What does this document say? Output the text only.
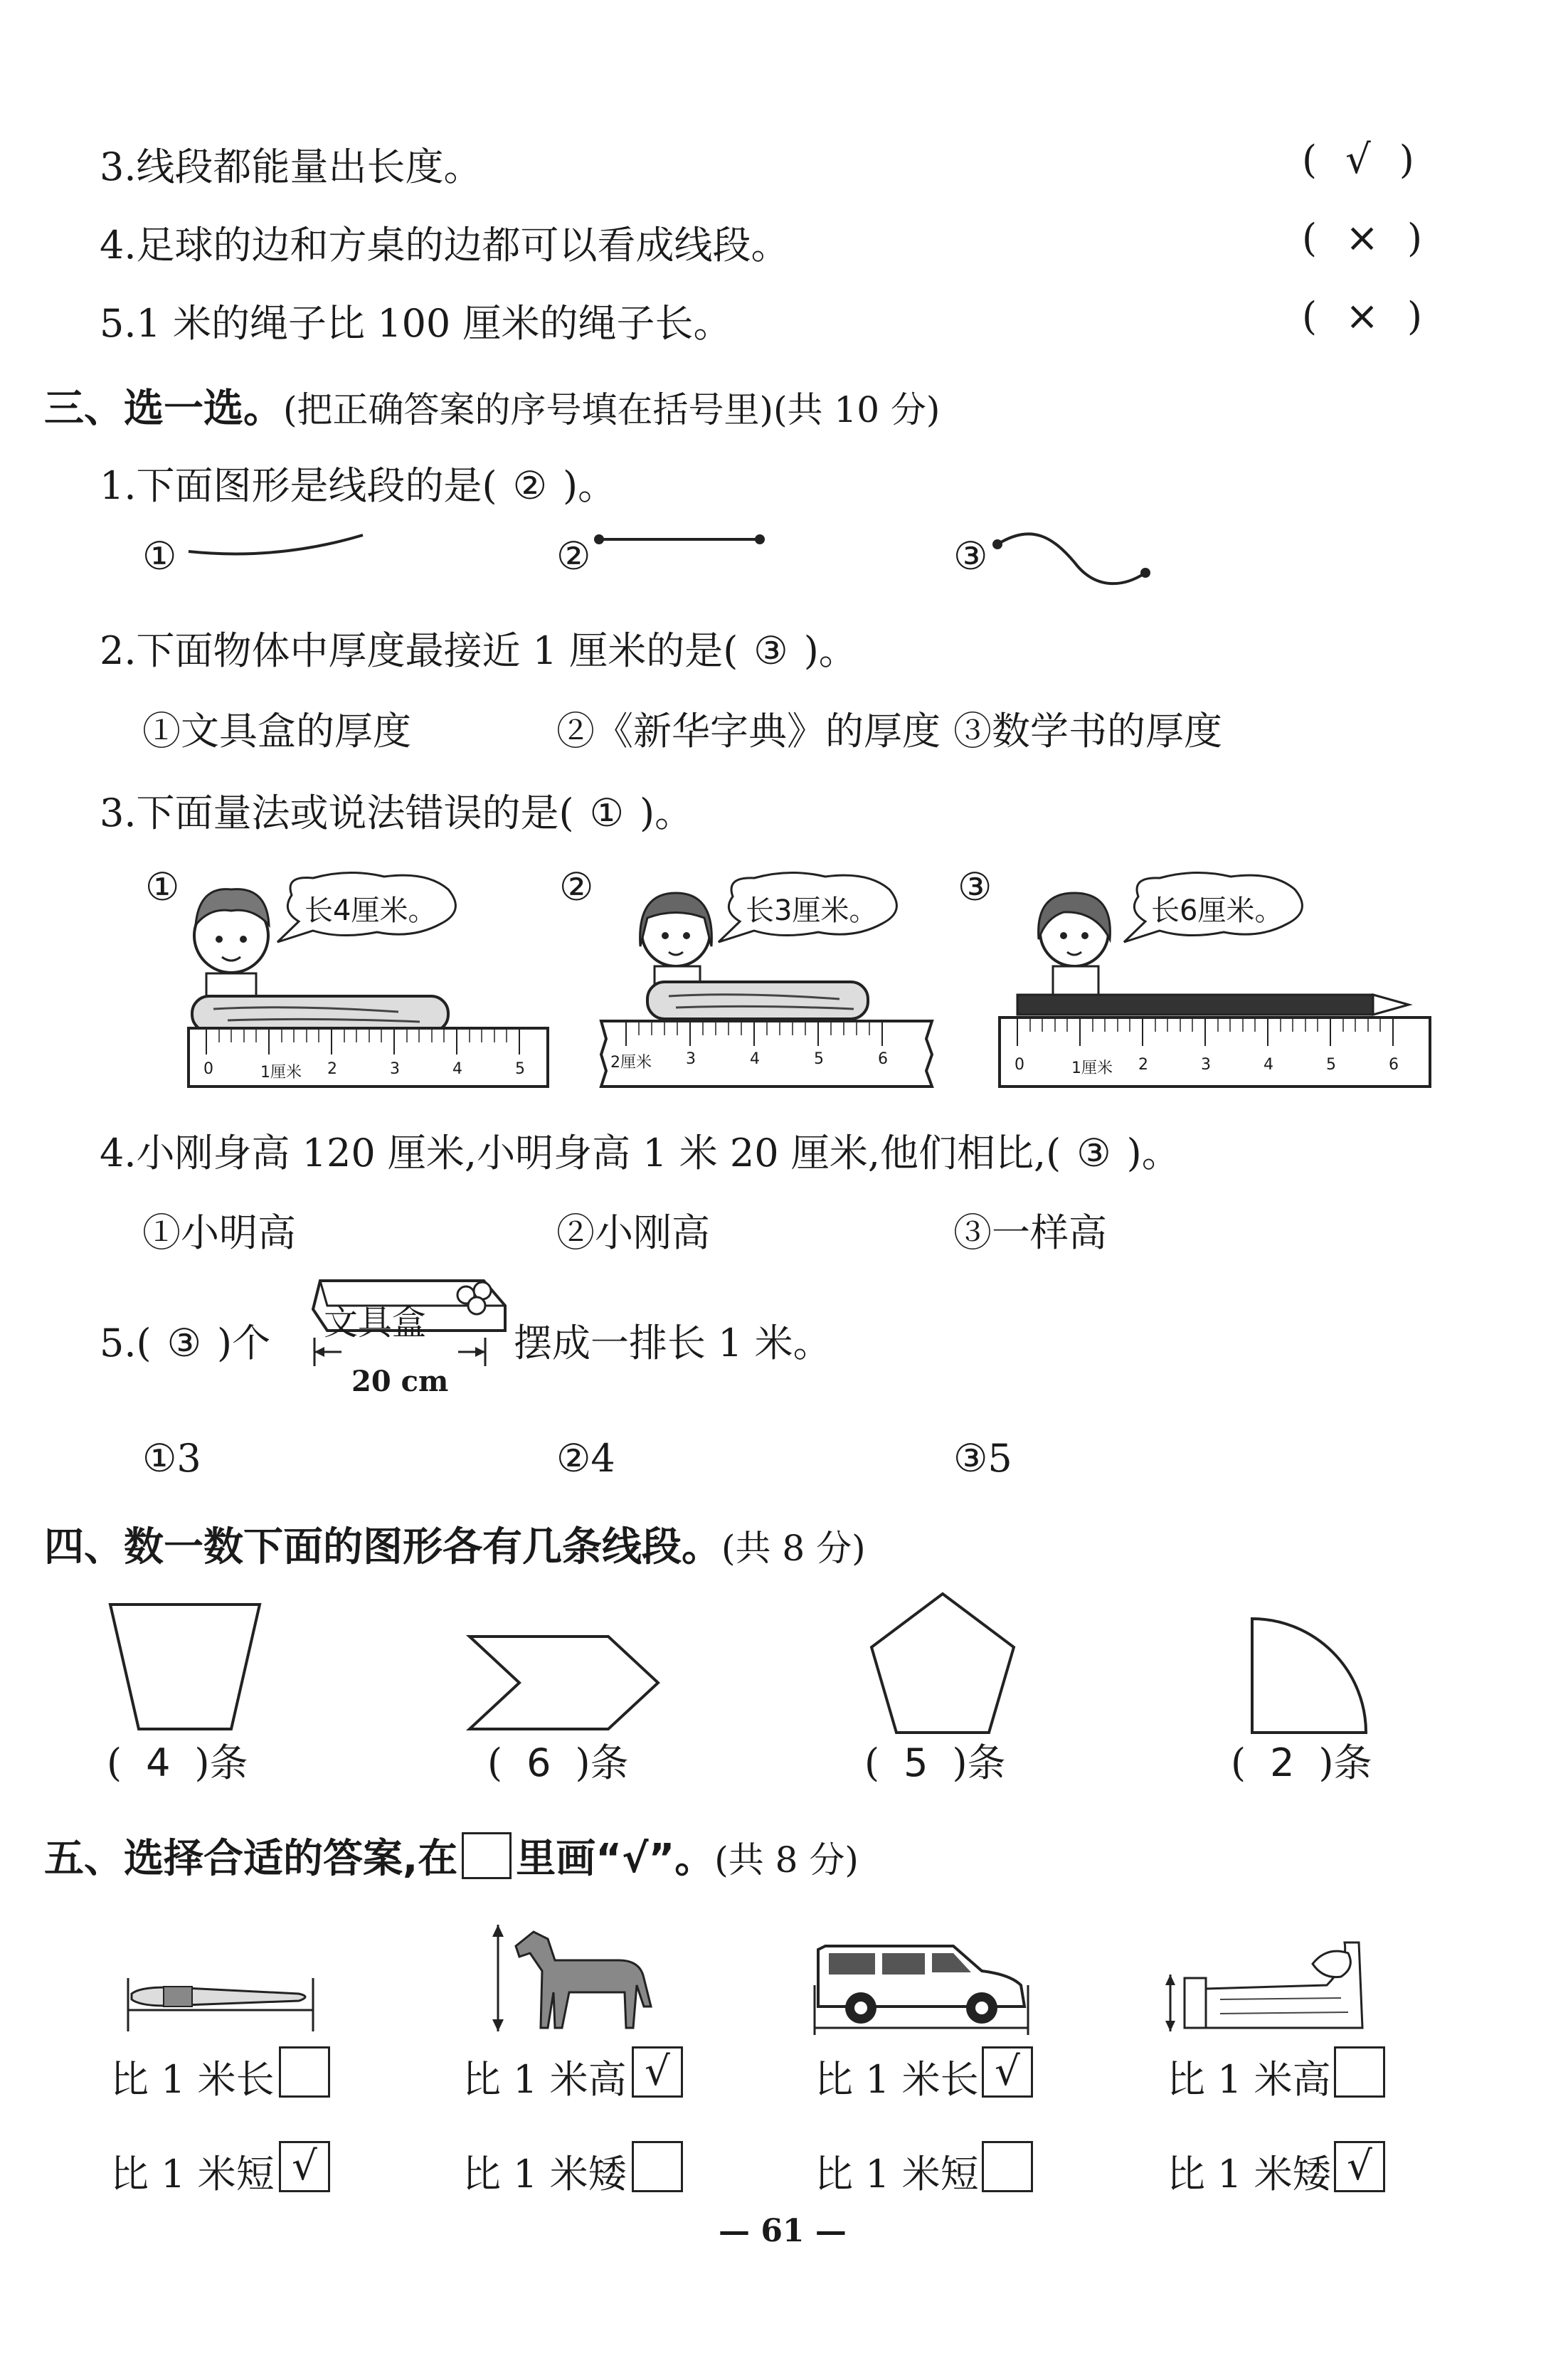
3.线段都能量出长度。	( √ )
4.足球的边和方桌的边都可以看成线段。	( × )
5.1 米的绳子比 100 厘米的绳子长。	( × )
三、选一选。(把正确答案的序号填在括号里)(共 10 分)
1.下面图形是线段的是( ② )。
①	②	③
2.下面物体中厚度最接近 1 厘米的是( ③ )。
①文具盒的厚度	②《新华字典》的厚度 ③数学书的厚度
3.下面量法或说法错误的是( ① )。
①
长4厘米。
0	1厘米 2	3	4	5
②
长3厘米。
2厘米 3	4	5	6
③
长6厘米。
0	1厘米 2	3	4	5	6
4.小刚身高 120 厘米,小明身高 1 米 20 厘米,他们相比,( ③ )。
①小明高	②小刚高	③一样高
5.( ③ )个 文具盒
20 cm
摆成一排长 1 米。
①3	②4	③5
四、数一数下面的图形各有几条线段。(共 8 分)
( 4 )条	( 6 )条	( 5 )条	( 2 )条
五、选择合适的答案,在 里画“√”。(共 8 分)
比 1 米长
比 1 米短 √
比 1 米高 √
比 1 米矮
比 1 米长 √
比 1 米短
比 1 米高
比 1 米矮 √
— 61 —
